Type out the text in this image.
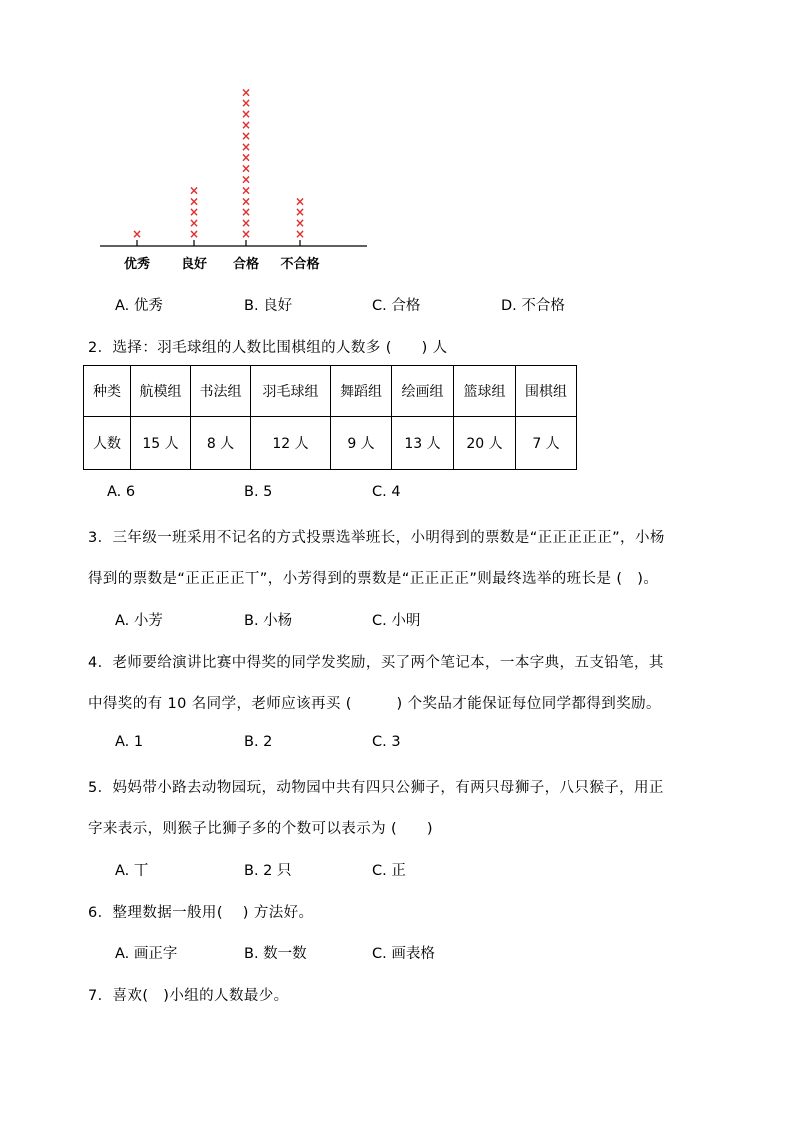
×
优秀
×
×
×
×
×
良好
×
×
×
×
×
×
×
×
×
×
×
×
×
×
合格
×
×
×
×
不合格
A. 优秀	B. 良好	C. 合格	D. 不合格
2．选择：羽毛球组的人数比围棋组的人数多 (　　) 人
种类	航模组	书法组	羽毛球组	舞蹈组	绘画组	篮球组	围棋组
人数	15 人	8 人	12 人	9 人	13 人	20 人	7 人
A. 6	B. 5	C. 4
3．三年级一班采用不记名的方式投票选举班长，小明得到的票数是“正正正正正”，小杨
得到的票数是“正正正正丅”，小芳得到的票数是“正正正正”则最终选举的班长是 (　)。
A. 小芳	B. 小杨	C. 小明
4．老师要给演讲比赛中得奖的同学发奖励，买了两个笔记本，一本字典，五支铅笔，其
中得奖的有 10 名同学，老师应该再买 (　　　) 个奖品才能保证每位同学都得到奖励。
A. 1	B. 2	C. 3
5．妈妈带小路去动物园玩，动物园中共有四只公狮子，有两只母狮子，八只猴子，用正
字来表示，则猴子比狮子多的个数可以表示为 (　　)
A. 丅	B. 2 只	C. 正
6．整理数据一般用(　 ) 方法好。
A. 画正字	B. 数一数	C. 画表格
7．喜欢(　)小组的人数最少。
